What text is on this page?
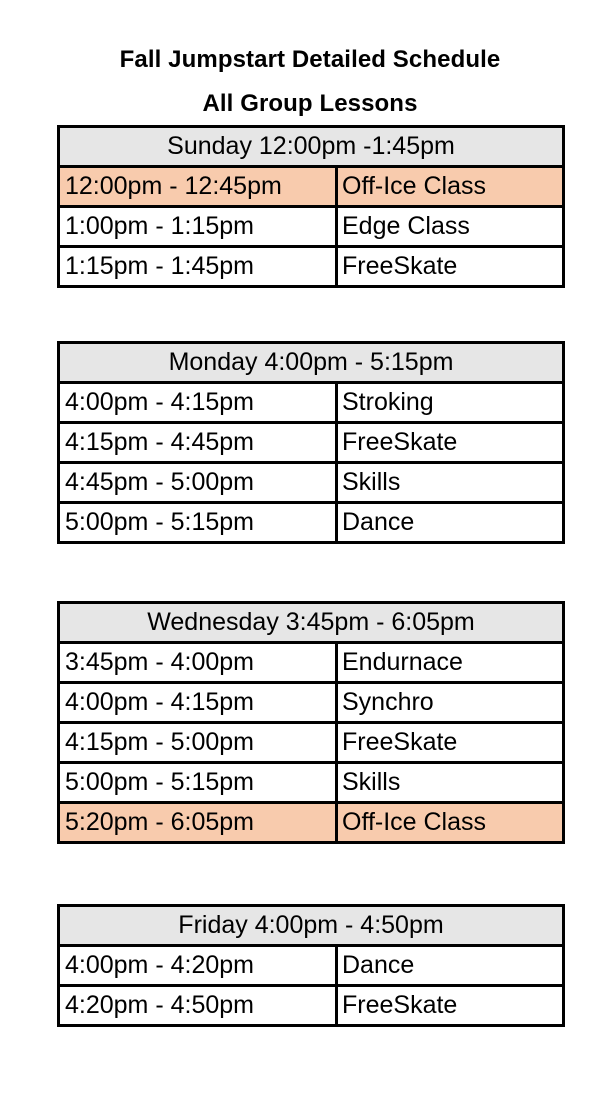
Fall Jumpstart Detailed Schedule
All Group Lessons
Sunday 12:00pm -1:45pm	
12:00pm - 12:45pm	Off-Ice Class
1:00pm - 1:15pm	Edge Class
1:15pm - 1:45pm	FreeSkate
Monday 4:00pm - 5:15pm	
4:00pm - 4:15pm	Stroking
4:15pm - 4:45pm	FreeSkate
4:45pm - 5:00pm	Skills
5:00pm - 5:15pm	Dance
Wednesday 3:45pm - 6:05pm	
3:45pm - 4:00pm	Endurnace
4:00pm - 4:15pm	Synchro
4:15pm - 5:00pm	FreeSkate
5:00pm - 5:15pm	Skills
5:20pm - 6:05pm	Off-Ice Class
Friday 4:00pm - 4:50pm	
4:00pm - 4:20pm	Dance
4:20pm - 4:50pm	FreeSkate
